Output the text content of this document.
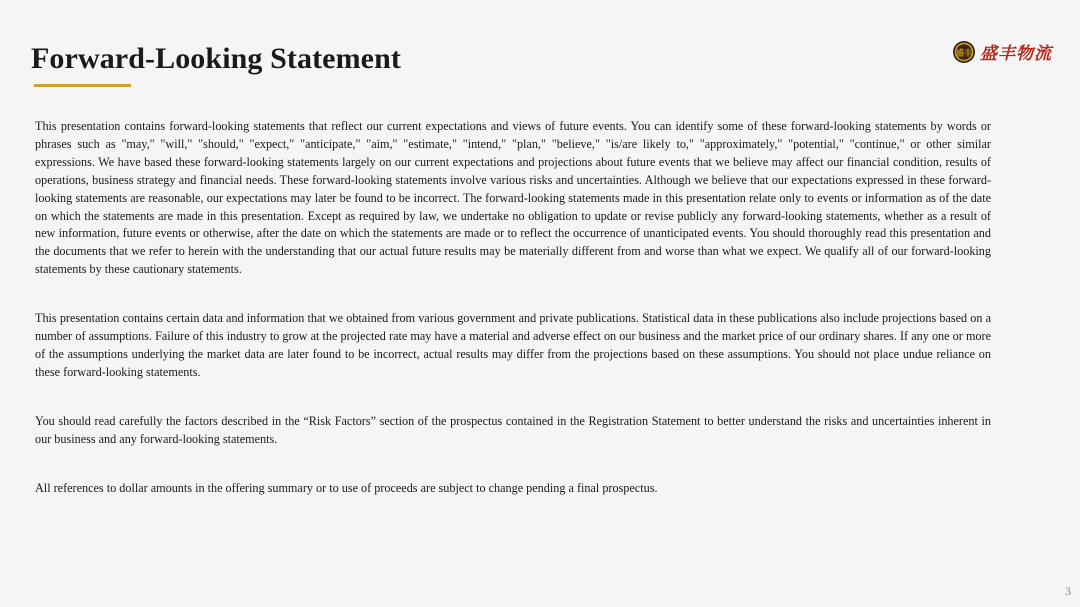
Forward-Looking Statement	盛丰 盛丰物流

This presentation contains forward-looking statements that reflect our current expectations and views of future events. You can identify some of these forward-looking statements by words or phrases such as "may," "will," "should," "expect," "anticipate," "aim," "estimate," "intend," "plan," "believe," "is/are likely to," "approximately," "potential," "continue," or other similar expressions. We have based these forward-looking statements largely on our current expectations and projections about future events that we believe may affect our financial condition, results of operations, business strategy and financial needs. These forward-looking statements involve various risks and uncertainties. Although we believe that our expectations expressed in these forward-looking statements are reasonable, our expectations may later be found to be incorrect. The forward-looking statements made in this presentation relate only to events or information as of the date on which the statements are made in this presentation. Except as required by law, we undertake no obligation to update or revise publicly any forward-looking statements, whether as a result of new information, future events or otherwise, after the date on which the statements are made or to reflect the occurrence of unanticipated events. You should thoroughly read this presentation and the documents that we refer to herein with the understanding that our actual future results may be materially different from and worse than what we expect. We qualify all of our forward-looking statements by these cautionary statements.

This presentation contains certain data and information that we obtained from various government and private publications. Statistical data in these publications also include projections based on a number of assumptions. Failure of this industry to grow at the projected rate may have a material and adverse effect on our business and the market price of our ordinary shares. If any one or more of the assumptions underlying the market data are later found to be incorrect, actual results may differ from the projections based on these assumptions. You should not place undue reliance on these forward-looking statements.

You should read carefully the factors described in the “Risk Factors” section of the prospectus contained in the Registration Statement to better understand the risks and uncertainties inherent in our business and any forward-looking statements.

All references to dollar amounts in the offering summary or to use of proceeds are subject to change pending a final prospectus.

3
